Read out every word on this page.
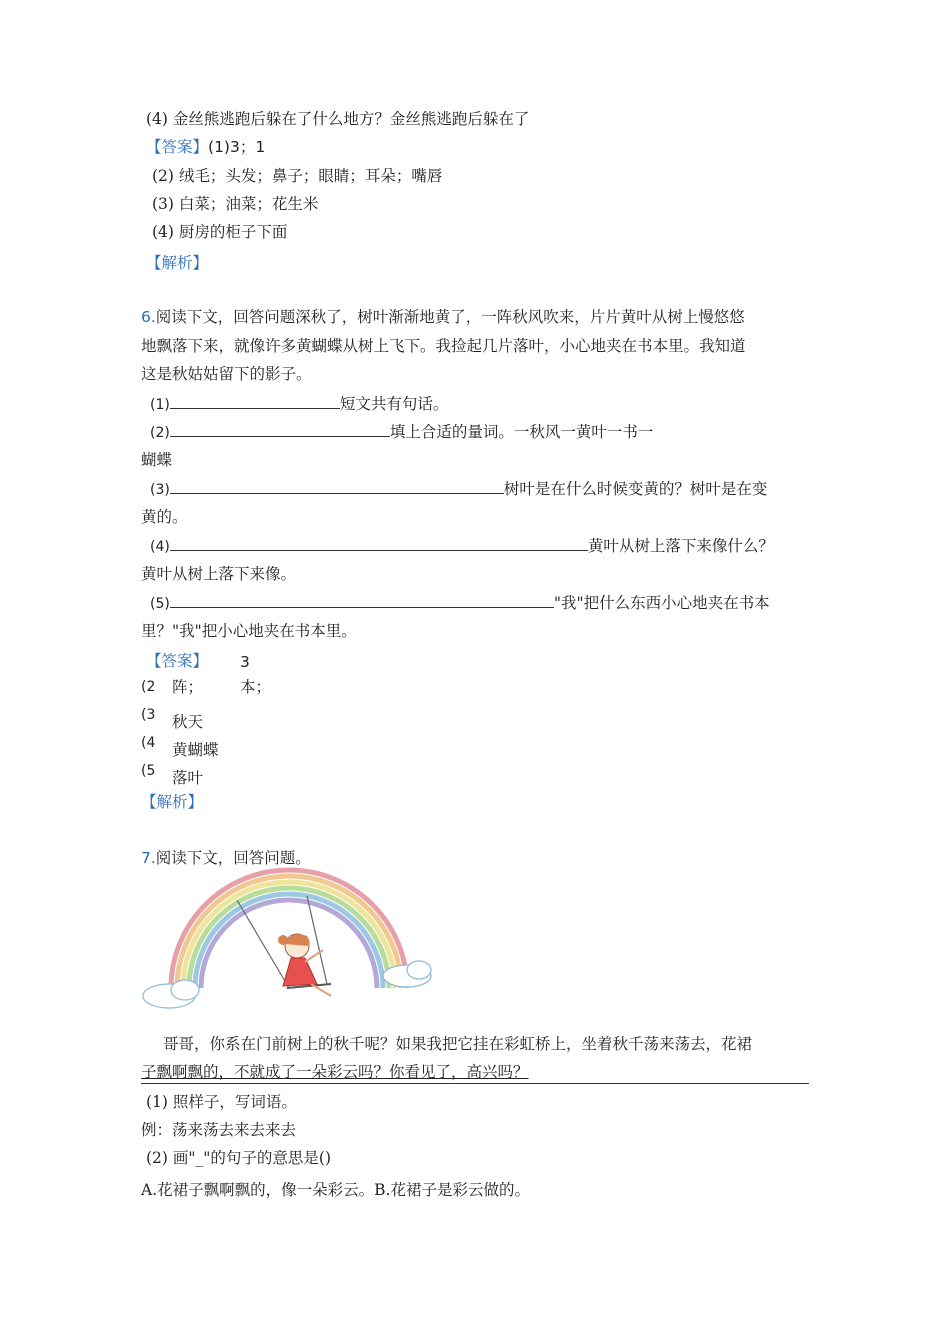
(4) 金丝熊逃跑后躲在了什么地方？金丝熊逃跑后躲在了
【答案】(1)3；1
(2) 绒毛；头发；鼻子；眼睛；耳朵；嘴唇
(3) 白菜；油菜；花生米
(4) 厨房的柜子下面
【解析】
6.阅读下文，回答问题深秋了，树叶渐渐地黄了，一阵秋风吹来，片片黄叶从树上慢悠悠
地飘落下来，就像许多黄蝴蝶从树上飞下。我捡起几片落叶，小心地夹在书本里。我知道
这是秋姑姑留下的影子。
(1)	短文共有句话。
(2)	填上合适的量词。一秋风一黄叶一书一
蝴蝶
(3)	树叶是在什么时候变黄的？树叶是在变
黄的。
(4)	黄叶从树上落下来像什么？
黄叶从树上落下来像。
(5)	"我"把什么东西小心地夹在书本
里？"我"把小心地夹在书本里。
【答案】 3
(2 阵； 本；
(3 秋天
(4 黄蝴蝶
(5 落叶
【解析】
7.阅读下文，回答问题。
哥哥，你系在门前树上的秋千呢？如果我把它挂在彩虹桥上，坐着秋千荡来荡去，花裙
子飘啊飘的，不就成了一朵彩云吗？你看见了，高兴吗？
(1) 照样子，写词语。
例：荡来荡去来去来去
(2) 画"_"的句子的意思是()
A.花裙子飘啊飘的，像一朵彩云。B.花裙子是彩云做的。
